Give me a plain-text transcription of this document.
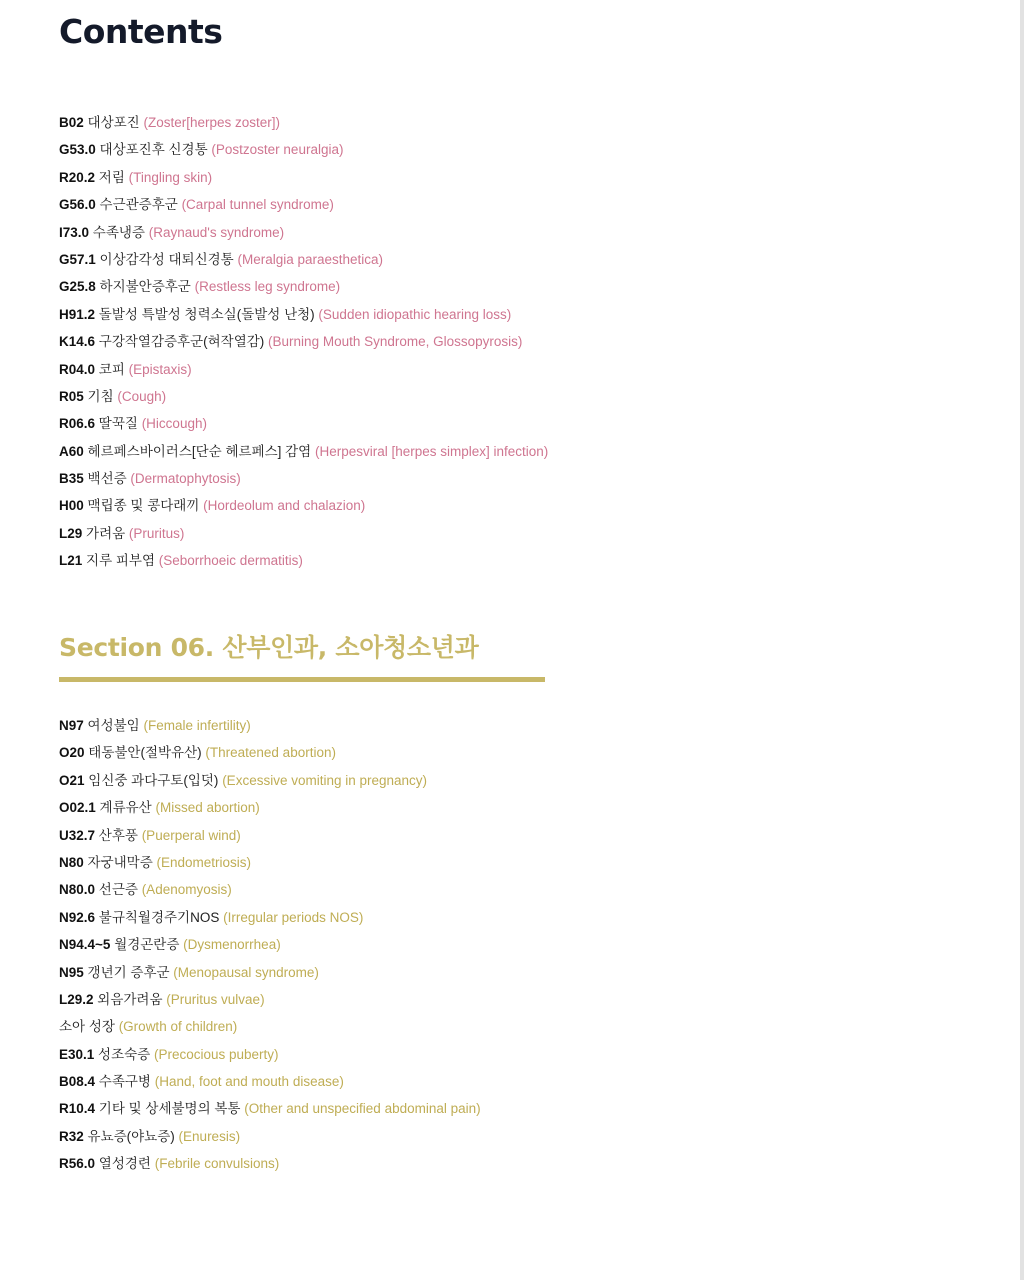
Contents
B02 대상포진 (Zoster[herpes zoster])
G53.0 대상포진후 신경통 (Postzoster neuralgia)
R20.2 저림 (Tingling skin)
G56.0 수근관증후군 (Carpal tunnel syndrome)
I73.0 수족냉증 (Raynaud's syndrome)
G57.1 이상감각성 대퇴신경통 (Meralgia paraesthetica)
G25.8 하지불안증후군 (Restless leg syndrome)
H91.2 돌발성 특발성 청력소실(돌발성 난청) (Sudden idiopathic hearing loss)
K14.6 구강작열감증후군(혀작열감) (Burning Mouth Syndrome, Glossopyrosis)
R04.0 코피 (Epistaxis)
R05 기침 (Cough)
R06.6 딸꾹질 (Hiccough)
A60 헤르페스바이러스[단순 헤르페스] 감염 (Herpesviral [herpes simplex] infection)
B35 백선증 (Dermatophytosis)
H00 맥립종 및 콩다래끼 (Hordeolum and chalazion)
L29 가려움 (Pruritus)
L21 지루 피부염 (Seborrhoeic dermatitis)
Section 06. 산부인과, 소아청소년과
N97 여성불임 (Female infertility)
O20 태동불안(절박유산) (Threatened abortion)
O21 임신중 과다구토(입덧) (Excessive vomiting in pregnancy)
O02.1 계류유산 (Missed abortion)
U32.7 산후풍 (Puerperal wind)
N80 자궁내막증 (Endometriosis)
N80.0 선근증 (Adenomyosis)
N92.6 불규칙월경주기NOS (Irregular periods NOS)
N94.4~5 월경곤란증 (Dysmenorrhea)
N95 갱년기 증후군 (Menopausal syndrome)
L29.2 외음가려움 (Pruritus vulvae)
소아 성장 (Growth of children)
E30.1 성조숙증 (Precocious puberty)
B08.4 수족구병 (Hand, foot and mouth disease)
R10.4 기타 및 상세불명의 복통 (Other and unspecified abdominal pain)
R32 유뇨증(야뇨증) (Enuresis)
R56.0 열성경련 (Febrile convulsions)
